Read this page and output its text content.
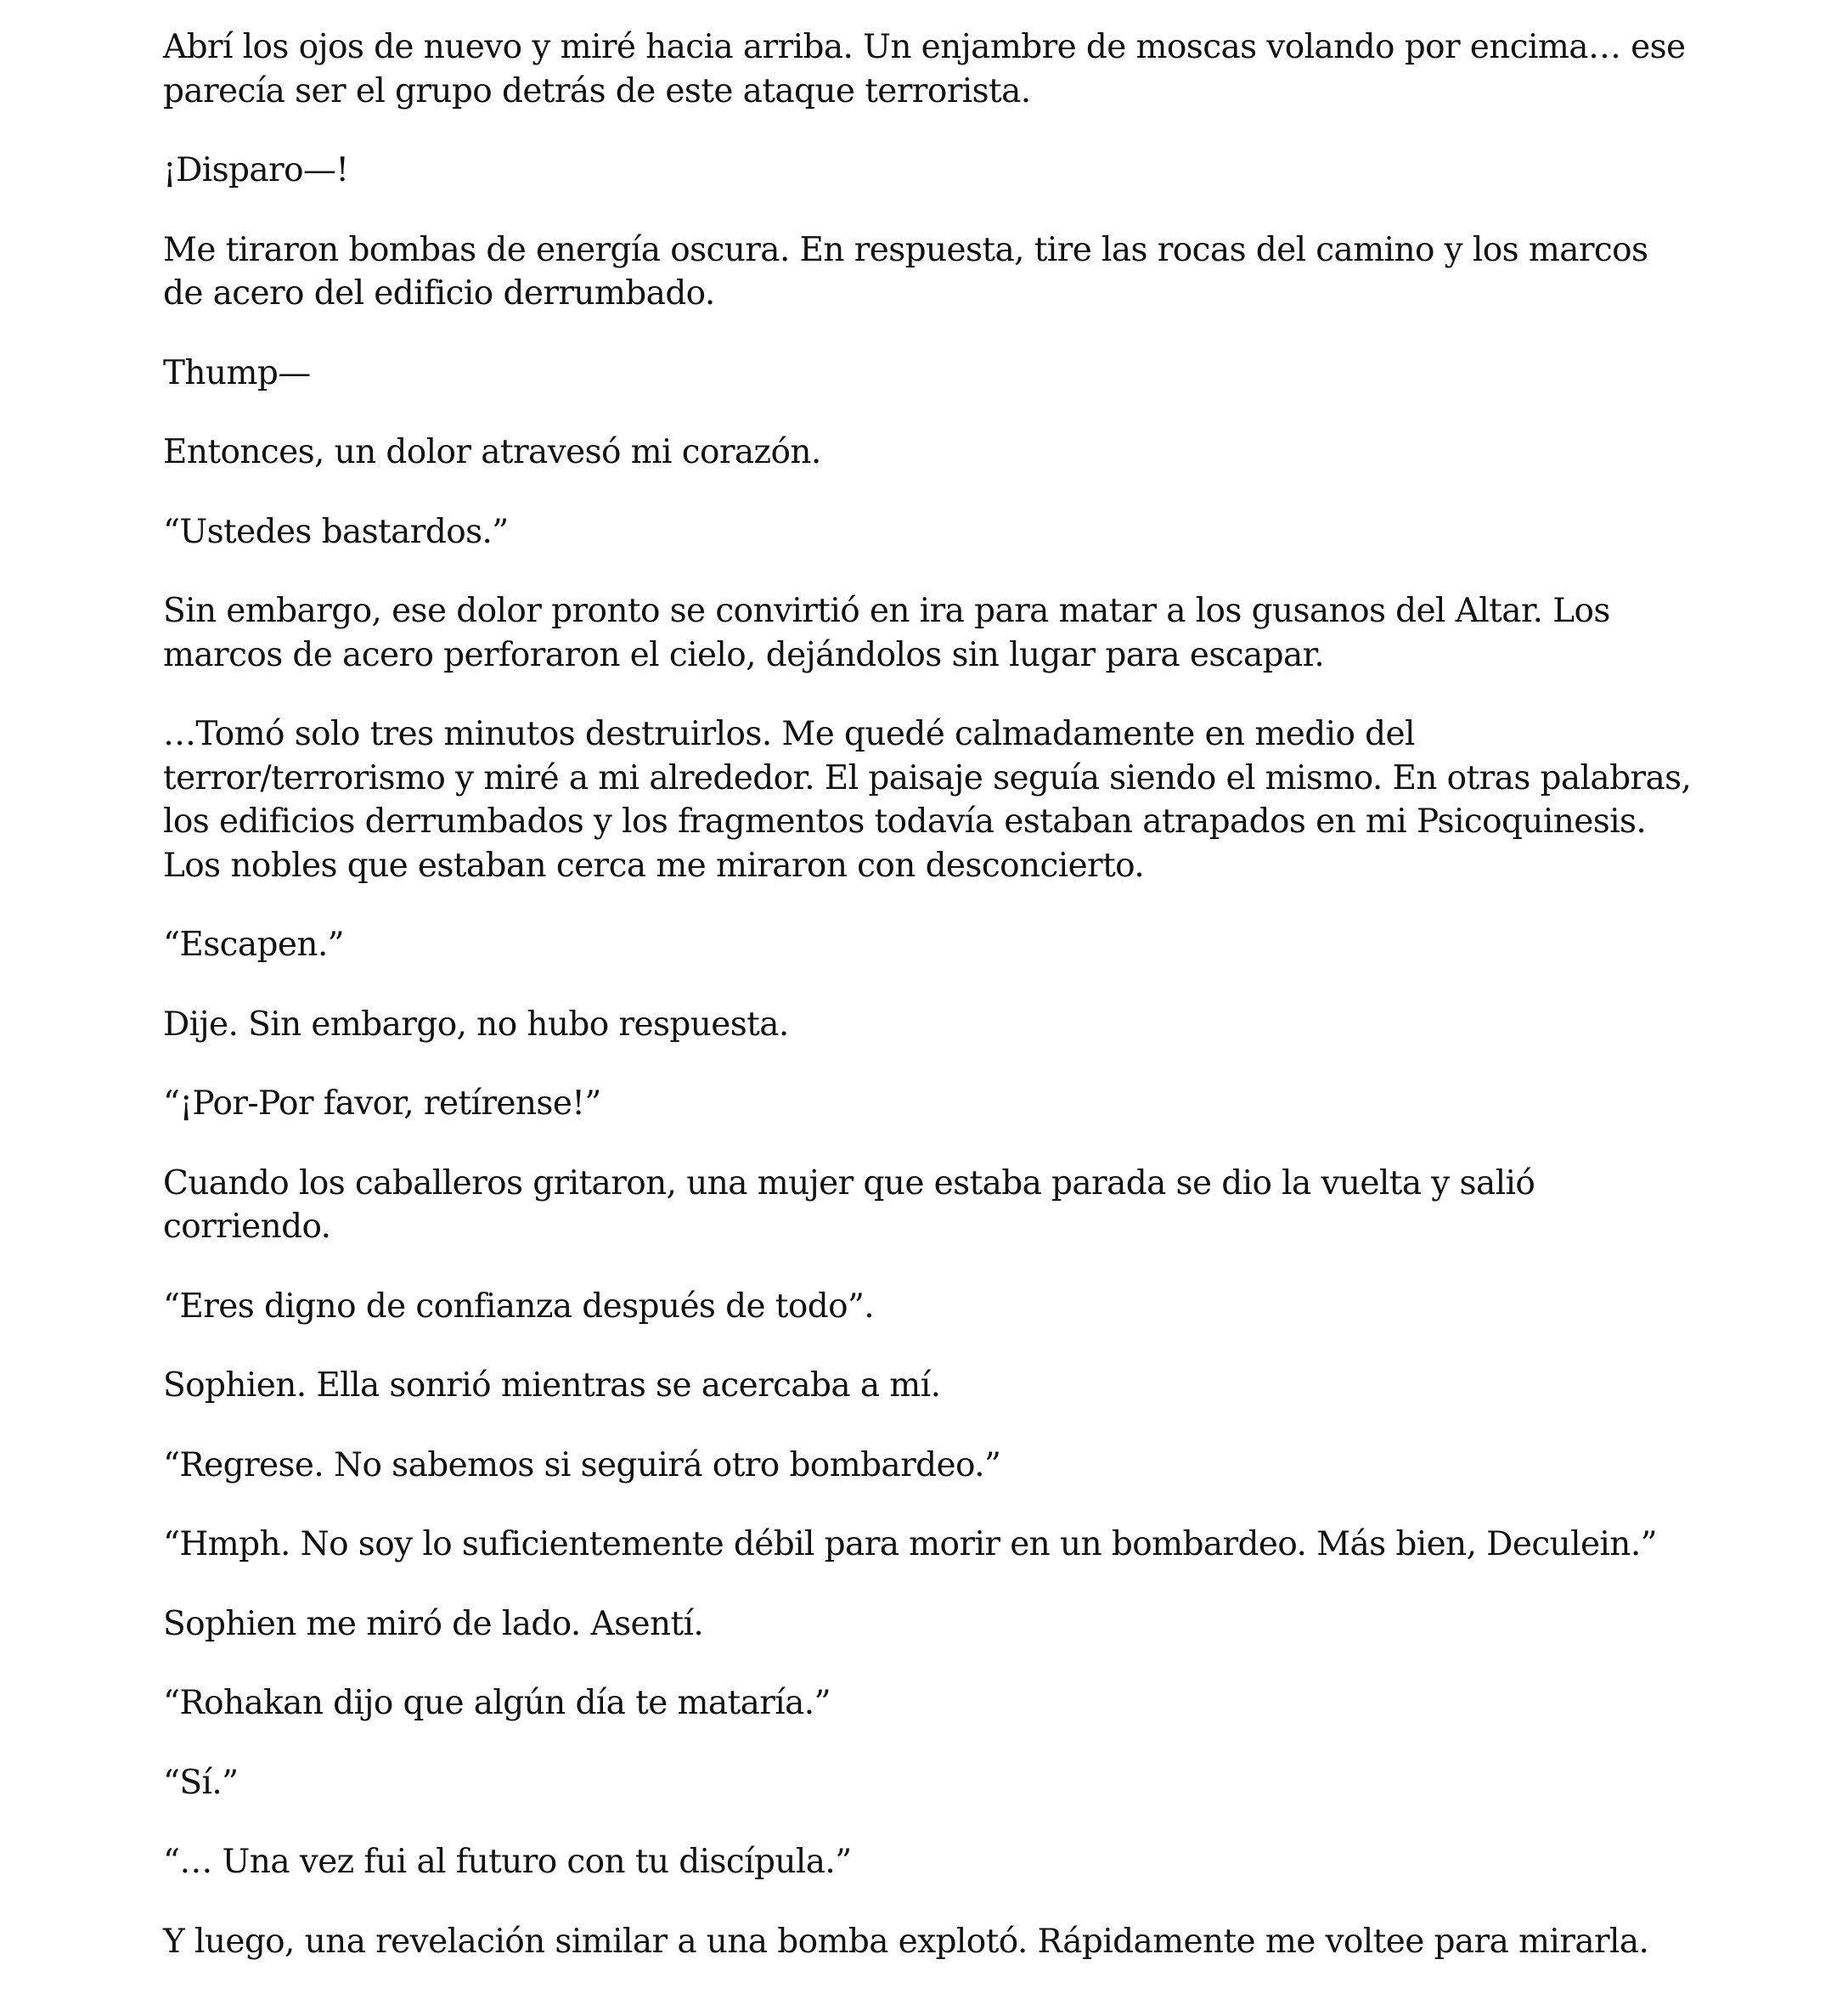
Abrí los ojos de nuevo y miré hacia arriba. Un enjambre de moscas volando por encima… ese parecía ser el grupo detrás de este ataque terrorista.

¡Disparo—!

Me tiraron bombas de energía oscura. En respuesta, tire las rocas del camino y los marcos de acero del edificio derrumbado.

Thump—

Entonces, un dolor atravesó mi corazón.

“Ustedes bastardos.”

Sin embargo, ese dolor pronto se convirtió en ira para matar a los gusanos del Altar. Los marcos de acero perforaron el cielo, dejándolos sin lugar para escapar.

…Tomó solo tres minutos destruirlos. Me quedé calmadamente en medio del terror/terrorismo y miré a mi alrededor. El paisaje seguía siendo el mismo. En otras palabras, los edificios derrumbados y los fragmentos todavía estaban atrapados en mi Psicoquinesis. Los nobles que estaban cerca me miraron con desconcierto.

“Escapen.”

Dije. Sin embargo, no hubo respuesta.

“¡Por-Por favor, retírense!”

Cuando los caballeros gritaron, una mujer que estaba parada se dio la vuelta y salió corriendo.

“Eres digno de confianza después de todo”.

Sophien. Ella sonrió mientras se acercaba a mí.

“Regrese. No sabemos si seguirá otro bombardeo.”

“Hmph. No soy lo suficientemente débil para morir en un bombardeo. Más bien, Deculein.”

Sophien me miró de lado. Asentí.

“Rohakan dijo que algún día te mataría.”

“Sí.”

“… Una vez fui al futuro con tu discípula.”

Y luego, una revelación similar a una bomba explotó. Rápidamente me voltee para mirarla.
